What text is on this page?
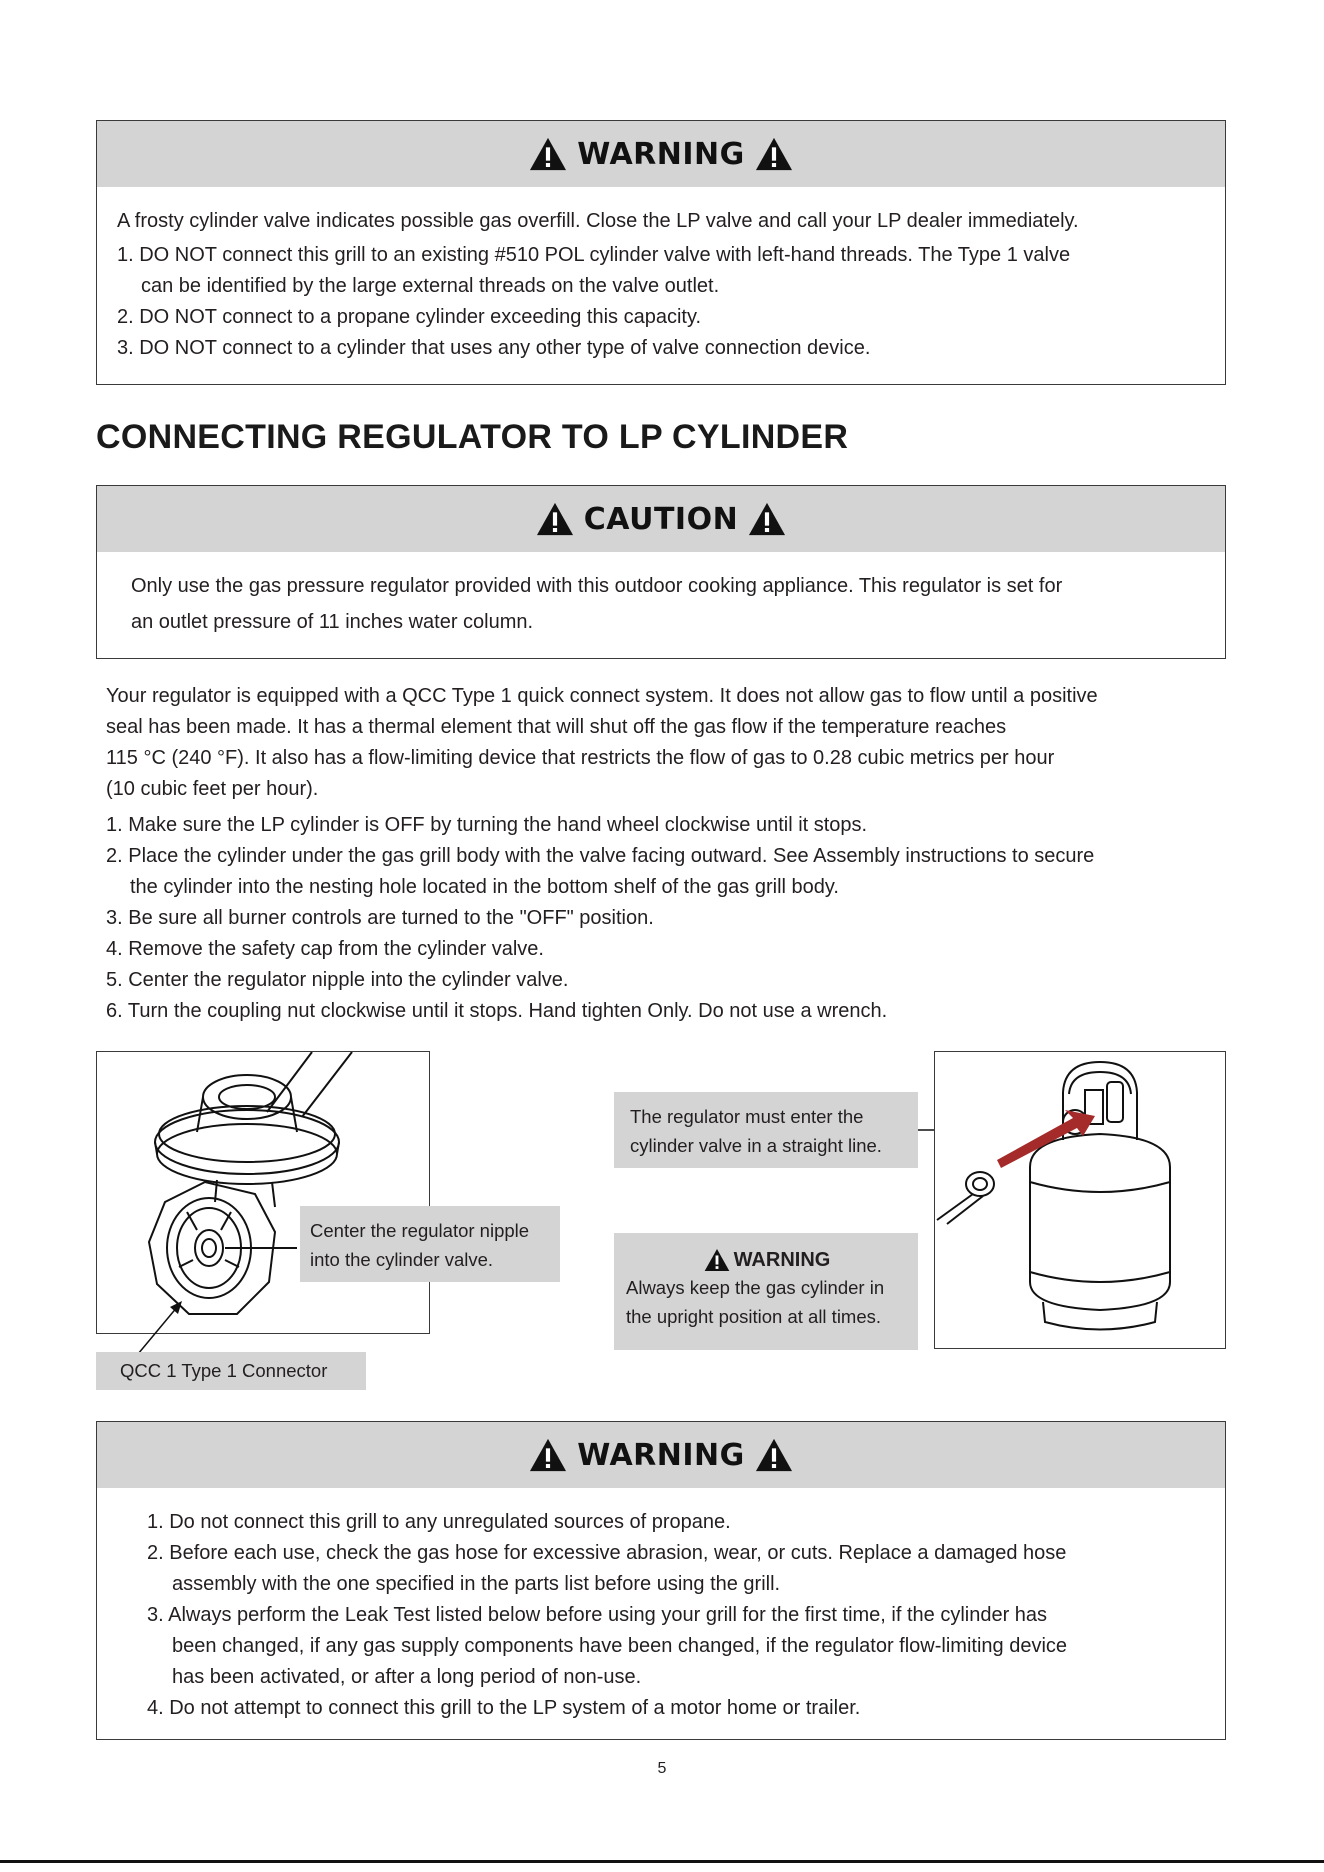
WARNING
A frosty cylinder valve indicates possible gas overfill. Close the LP valve and call your LP dealer immediately.
1. DO NOT connect this grill to an existing #510 POL cylinder valve with left-hand threads. The Type 1 valve
can be identified by the large external threads on the valve outlet.
2. DO NOT connect to a propane cylinder exceeding this capacity.
3. DO NOT connect to a cylinder that uses any other type of valve connection device.
CONNECTING REGULATOR TO LP CYLINDER
CAUTION
Only use the gas pressure regulator provided with this outdoor cooking appliance. This regulator is set for
an outlet pressure of 11 inches water column.
Your regulator is equipped with a QCC Type 1 quick connect system. It does not allow gas to flow until a positive
seal has been made. It has a thermal element that will shut off the gas flow if the temperature reaches
115 °C (240 °F). It also has a flow-limiting device that restricts the flow of gas to 0.28 cubic metrics per hour
(10 cubic feet per hour).
1. Make sure the LP cylinder is OFF by turning the hand wheel clockwise until it stops.
2. Place the cylinder under the gas grill body with the valve facing outward. See Assembly instructions to secure
the cylinder into the nesting hole located in the bottom shelf of the gas grill body.
3. Be sure all burner controls are turned to the "OFF" position.
4. Remove the safety cap from the cylinder valve.
5. Center the regulator nipple into the cylinder valve.
6. Turn the coupling nut clockwise until it stops. Hand tighten Only. Do not use a wrench.
Center the regulator nipple
into the cylinder valve.
QCC 1 Type 1 Connector
The regulator must enter the
cylinder valve in a straight line.
WARNING
Always keep the gas cylinder in
the upright position at all times.
WARNING
1. Do not connect this grill to any unregulated sources of propane.
2. Before each use, check the gas hose for excessive abrasion, wear, or cuts. Replace a damaged hose
assembly with the one specified in the parts list before using the grill.
3. Always perform the Leak Test listed below before using your grill for the first time, if the cylinder has
been changed, if any gas supply components have been changed, if the regulator flow-limiting device
has been activated, or after a long period of non-use.
4. Do not attempt to connect this grill to the LP system of a motor home or trailer.
5
